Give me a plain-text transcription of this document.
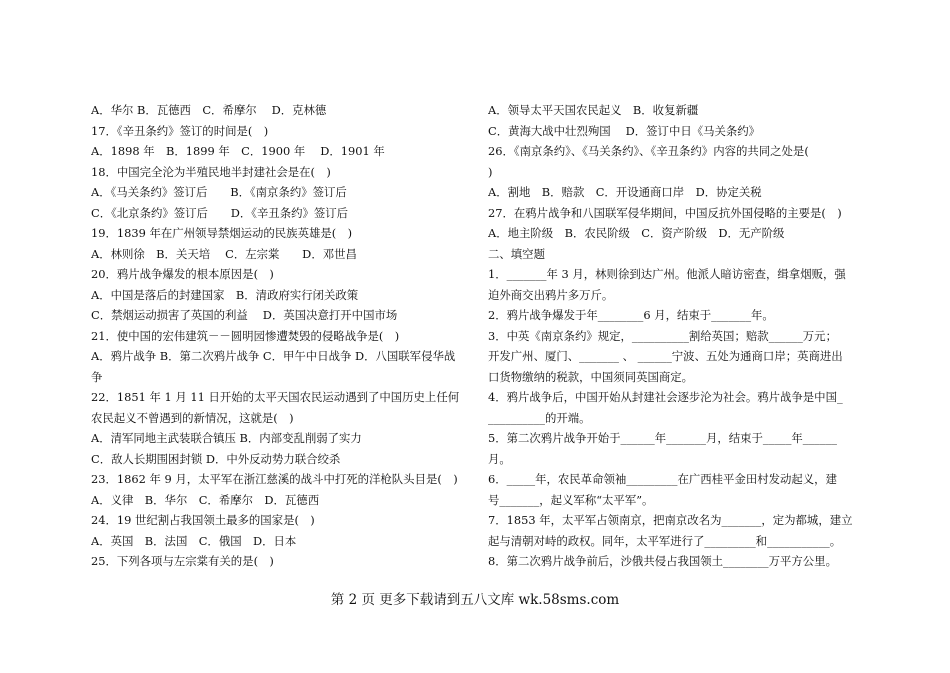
A．华尔 B．瓦德西　C．希摩尔　 D．克林德
17．《辛丑条约》签订的时间是(　)
A．1898 年　B．1899 年　C．1900 年　 D．1901 年
18．中国完全沦为半殖民地半封建社会是在(　)
A．《马关条约》签订后　　B．《南京条约》签订后
C．《北京条约》签订后　　D．《辛丑条约》签订后
19．1839 年在广州领导禁烟运动的民族英雄是(　)
A．林则徐　B．关天培　 C．左宗棠　　D．邓世昌
20．鸦片战争爆发的根本原因是(　)
A．中国是落后的封建国家　B．清政府实行闭关政策
C．禁烟运动损害了英国的利益　 D．英国决意打开中国市场
21．使中国的宏伟建筑－－圆明园惨遭焚毁的侵略战争是(　)
A．鸦片战争 B．第二次鸦片战争 C．甲午中日战争 D．八国联军侵华战
争
22．1851 年 1 月 11 日开始的太平天国农民运动遇到了中国历史上任何
农民起义不曾遇到的新情况，这就是(　)
A．清军同地主武装联合镇压 B．内部变乱削弱了实力
C．敌人长期围困封锁 D．中外反动势力联合绞杀
23．1862 年 9 月，太平军在浙江慈溪的战斗中打死的洋枪队头目是(　)
A．义律　B．华尔　C．希摩尔　D．瓦德西
24．19 世纪割占我国领土最多的国家是(　)
A．英国　B．法国　C．俄国　D．日本
25．下列各项与左宗棠有关的是(　)
A．领导太平天国农民起义　B．收复新疆
C．黄海大战中壮烈殉国　 D．签订中日《马关条约》
26．《南京条约》、《马关条约》、《辛丑条约》内容的共同之处是(
)
A．割地　B．赔款　C．开设通商口岸　D．协定关税
27．在鸦片战争和八国联军侵华期间，中国反抗外国侵略的主要是(　)
A．地主阶级　B．农民阶级　C．资产阶级　D．无产阶级
二、填空题
1．_______年 3 月，林则徐到达广州。他派人暗访密查，缉拿烟贩，强
迫外商交出鸦片多万斤。
2．鸦片战争爆发于年________6 月，结束于_______年。
3．中英《南京条约》规定，__________割给英国；赔款______万元；
开发广州、厦门、_______ 、 ______宁波、五处为通商口岸；英商进出
口货物缴纳的税款，中国须同英国商定。
4．鸦片战争后，中国开始从封建社会逐步沦为社会。鸦片战争是中国_
__________的开端。
5．第二次鸦片战争开始于______年_______月，结束于_____年______
月。
6．_____年，农民革命领袖_________在广西桂平金田村发动起义，建
号_______，起义军称“太平军”。
7．1853 年，太平军占领南京，把南京改名为_______，定为都城，建立
起与清朝对峙的政权。同年，太平军进行了_________和___________。
8．第二次鸦片战争前后，沙俄共侵占我国领土________万平方公里。
第 2 页 更多下载请到五八文库 wk.58sms.com
